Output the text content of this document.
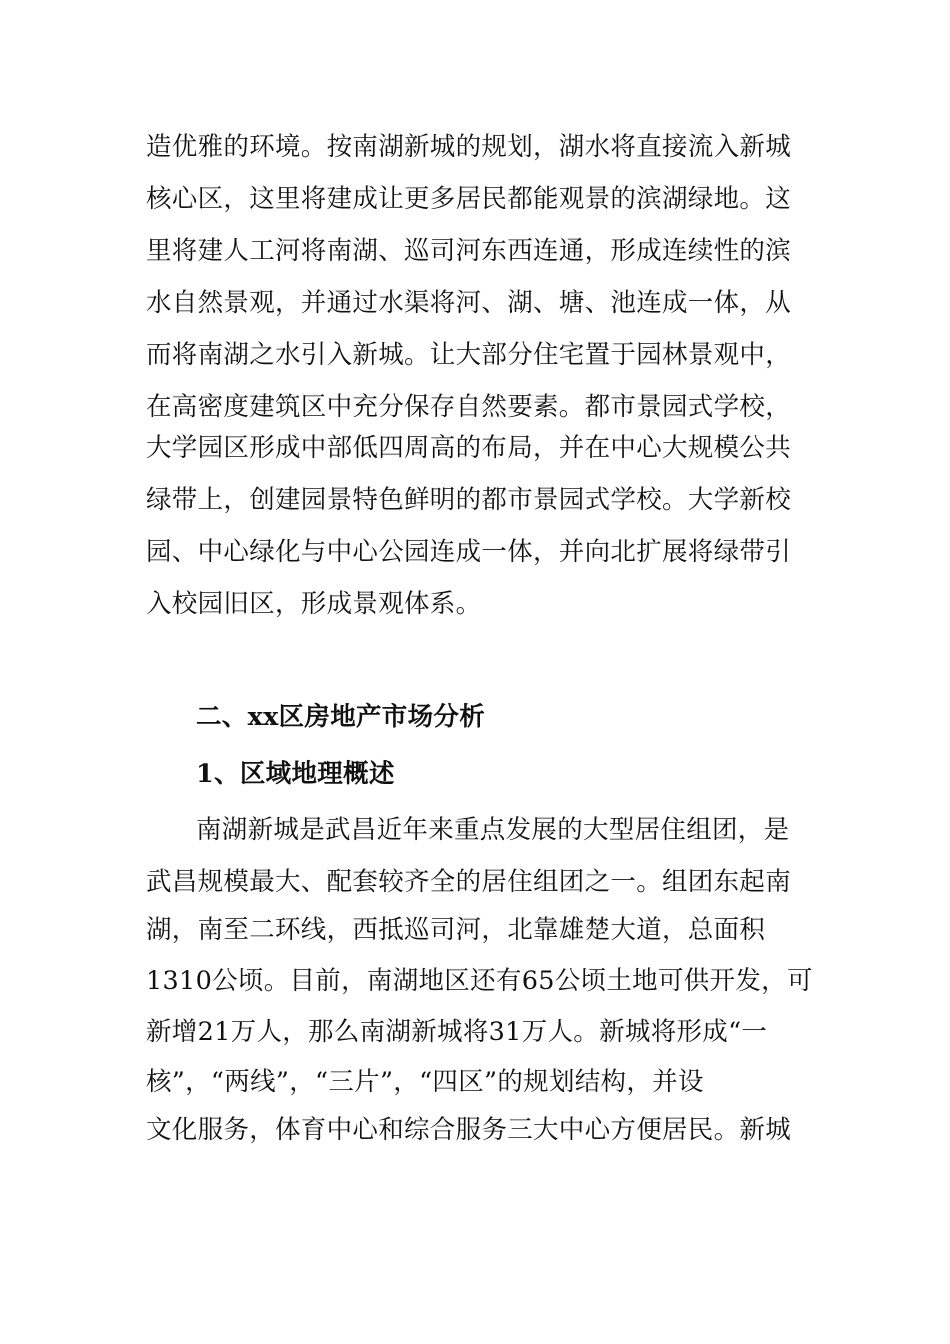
造优雅的环境。按南湖新城的规划，湖水将直接流入新城
核心区，这里将建成让更多居民都能观景的滨湖绿地。这
里将建人工河将南湖、巡司河东西连通，形成连续性的滨
水自然景观，并通过水渠将河、湖、塘、池连成一体，从
而将南湖之水引入新城。让大部分住宅置于园林景观中，
在高密度建筑区中充分保存自然要素。都市景园式学校，
大学园区形成中部低四周高的布局，并在中心大规模公共
绿带上，创建园景特色鲜明的都市景园式学校。大学新校
园、中心绿化与中心公园连成一体，并向北扩展将绿带引
入校园旧区，形成景观体系。
二、xx区房地产市场分析
1、区域地理概述
南湖新城是武昌近年来重点发展的大型居住组团，是
武昌规模最大、配套较齐全的居住组团之一。组团东起南
湖，南至二环线，西抵巡司河，北靠雄楚大道，总面积
1310公顷。目前，南湖地区还有65公顷土地可供开发，可
新增21万人，那么南湖新城将31万人。新城将形成“一
核”，“两线”，“三片”，“四区”的规划结构，并设
文化服务，体育中心和综合服务三大中心方便居民。新城
